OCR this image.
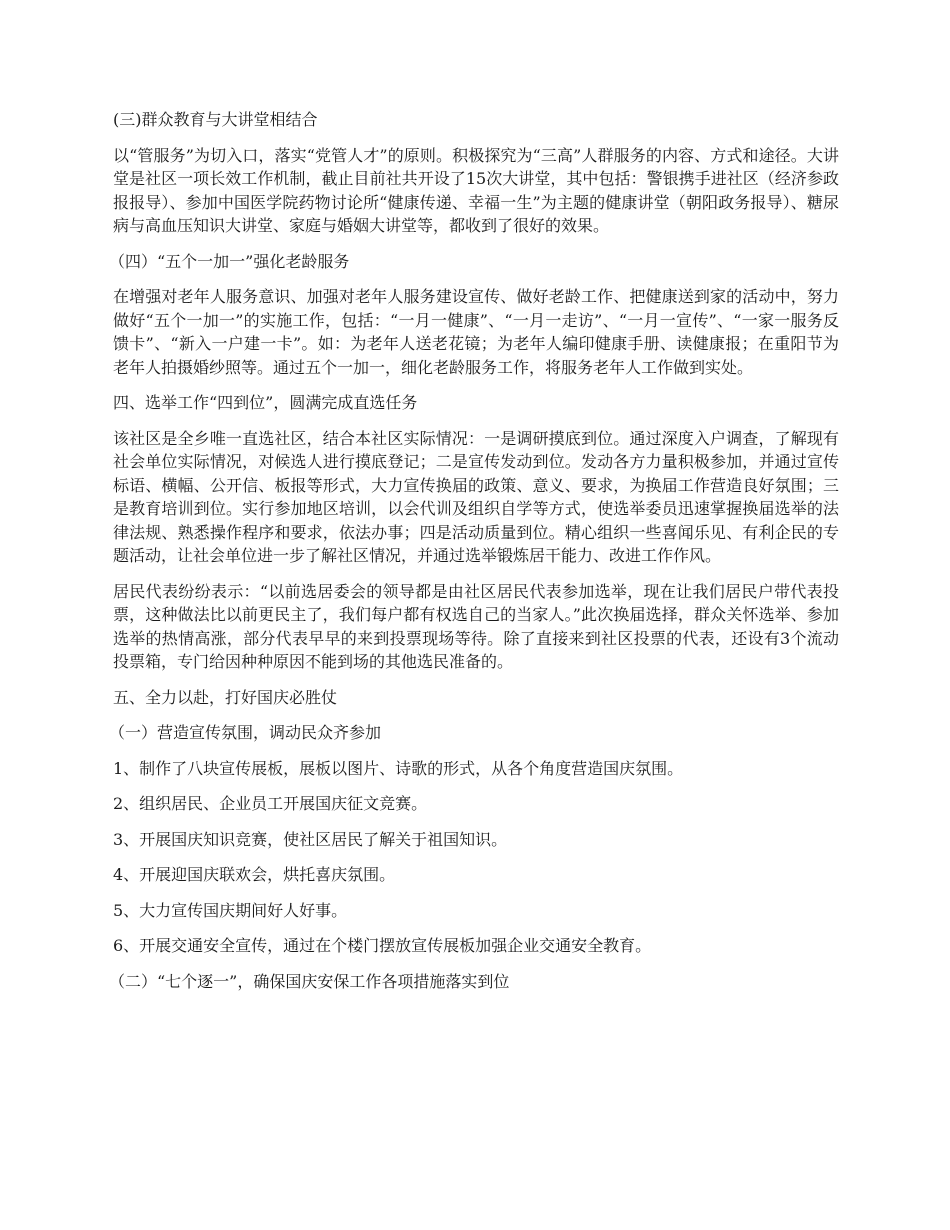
(三)群众教育与大讲堂相结合

以“管服务”为切入口，落实“党管人才”的原则。积极探究为“三高”人群服务的内容、方式和途径。大讲堂是社区一项长效工作机制，截止目前社共开设了15次大讲堂，其中包括：警银携手进社区（经济参政报报导）、参加中国医学院药物讨论所“健康传递、幸福一生”为主题的健康讲堂（朝阳政务报导）、糖尿病与高血压知识大讲堂、家庭与婚姻大讲堂等，都收到了很好的效果。

（四）“五个一加一”强化老龄服务

在增强对老年人服务意识、加强对老年人服务建设宣传、做好老龄工作、把健康送到家的活动中，努力做好“五个一加一”的实施工作，包括：“一月一健康”、“一月一走访”、“一月一宣传”、“一家一服务反馈卡”、“新入一户建一卡”。如：为老年人送老花镜；为老年人编印健康手册、读健康报；在重阳节为老年人拍摄婚纱照等。通过五个一加一，细化老龄服务工作，将服务老年人工作做到实处。

四、选举工作“四到位”，圆满完成直选任务

该社区是全乡唯一直选社区，结合本社区实际情况：一是调研摸底到位。通过深度入户调查，了解现有社会单位实际情况，对候选人进行摸底登记；二是宣传发动到位。发动各方力量积极参加，并通过宣传标语、横幅、公开信、板报等形式，大力宣传换届的政策、意义、要求，为换届工作营造良好氛围；三是教育培训到位。实行参加地区培训，以会代训及组织自学等方式，使选举委员迅速掌握换届选举的法律法规、熟悉操作程序和要求，依法办事；四是活动质量到位。精心组织一些喜闻乐见、有利企民的专题活动，让社会单位进一步了解社区情况，并通过选举锻炼居干能力、改进工作作风。

居民代表纷纷表示：“以前选居委会的领导都是由社区居民代表参加选举，现在让我们居民户带代表投票，这种做法比以前更民主了，我们每户都有权选自己的当家人。”此次换届选择，群众关怀选举、参加选举的热情高涨，部分代表早早的来到投票现场等待。除了直接来到社区投票的代表，还设有3个流动投票箱，专门给因种种原因不能到场的其他选民准备的。

五、全力以赴，打好国庆必胜仗

（一）营造宣传氛围，调动民众齐参加

1、制作了八块宣传展板，展板以图片、诗歌的形式，从各个角度营造国庆氛围。

2、组织居民、企业员工开展国庆征文竞赛。

3、开展国庆知识竞赛，使社区居民了解关于祖国知识。

4、开展迎国庆联欢会，烘托喜庆氛围。

5、大力宣传国庆期间好人好事。

6、开展交通安全宣传，通过在个楼门摆放宣传展板加强企业交通安全教育。

（二）“七个逐一”，确保国庆安保工作各项措施落实到位
